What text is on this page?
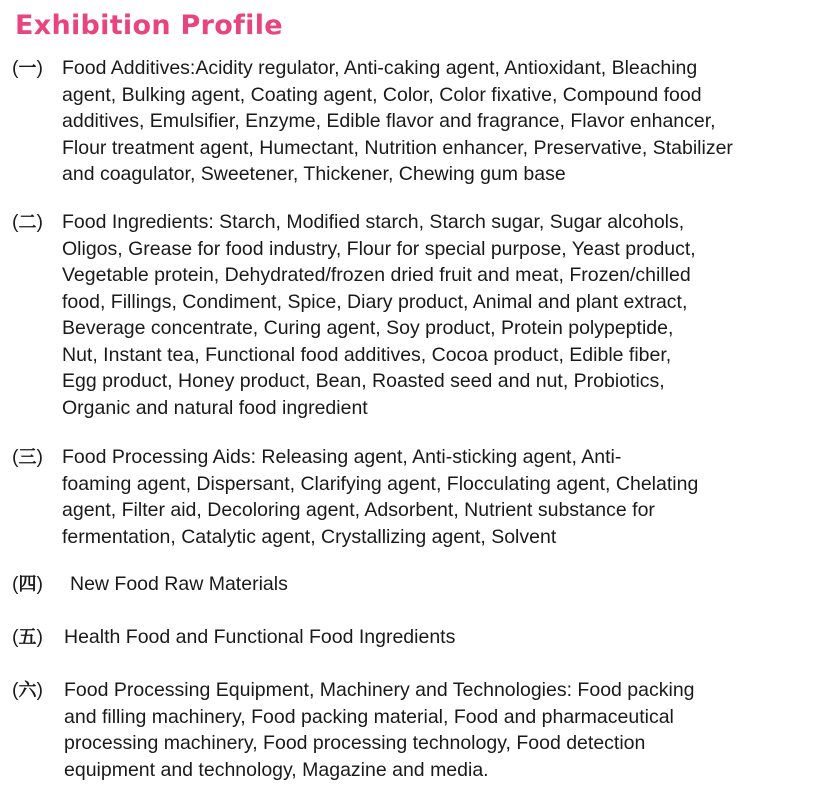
Exhibition Profile
(一) Food Additives:Acidity regulator, Anti-caking agent, Antioxidant, Bleaching
agent, Bulking agent, Coating agent, Color, Color fixative, Compound food
additives, Emulsifier, Enzyme, Edible flavor and fragrance, Flavor enhancer,
Flour treatment agent, Humectant, Nutrition enhancer, Preservative, Stabilizer
and coagulator, Sweetener, Thickener, Chewing gum base
(二) Food Ingredients: Starch, Modified starch, Starch sugar, Sugar alcohols,
Oligos, Grease for food industry, Flour for special purpose, Yeast product,
Vegetable protein, Dehydrated/frozen dried fruit and meat, Frozen/chilled
food, Fillings, Condiment, Spice, Diary product, Animal and plant extract,
Beverage concentrate, Curing agent, Soy product, Protein polypeptide,
Nut, Instant tea, Functional food additives, Cocoa product, Edible fiber,
Egg product, Honey product, Bean, Roasted seed and nut, Probiotics,
Organic and natural food ingredient
(三) Food Processing Aids: Releasing agent, Anti-sticking agent, Anti-
foaming agent, Dispersant, Clarifying agent, Flocculating agent, Chelating
agent, Filter aid, Decoloring agent, Adsorbent, Nutrient substance for
fermentation, Catalytic agent, Crystallizing agent, Solvent
(四) New Food Raw Materials
(五) Health Food and Functional Food Ingredients
(六) Food Processing Equipment, Machinery and Technologies: Food packing
and filling machinery, Food packing material, Food and pharmaceutical
processing machinery, Food processing technology, Food detection
equipment and technology, Magazine and media.
